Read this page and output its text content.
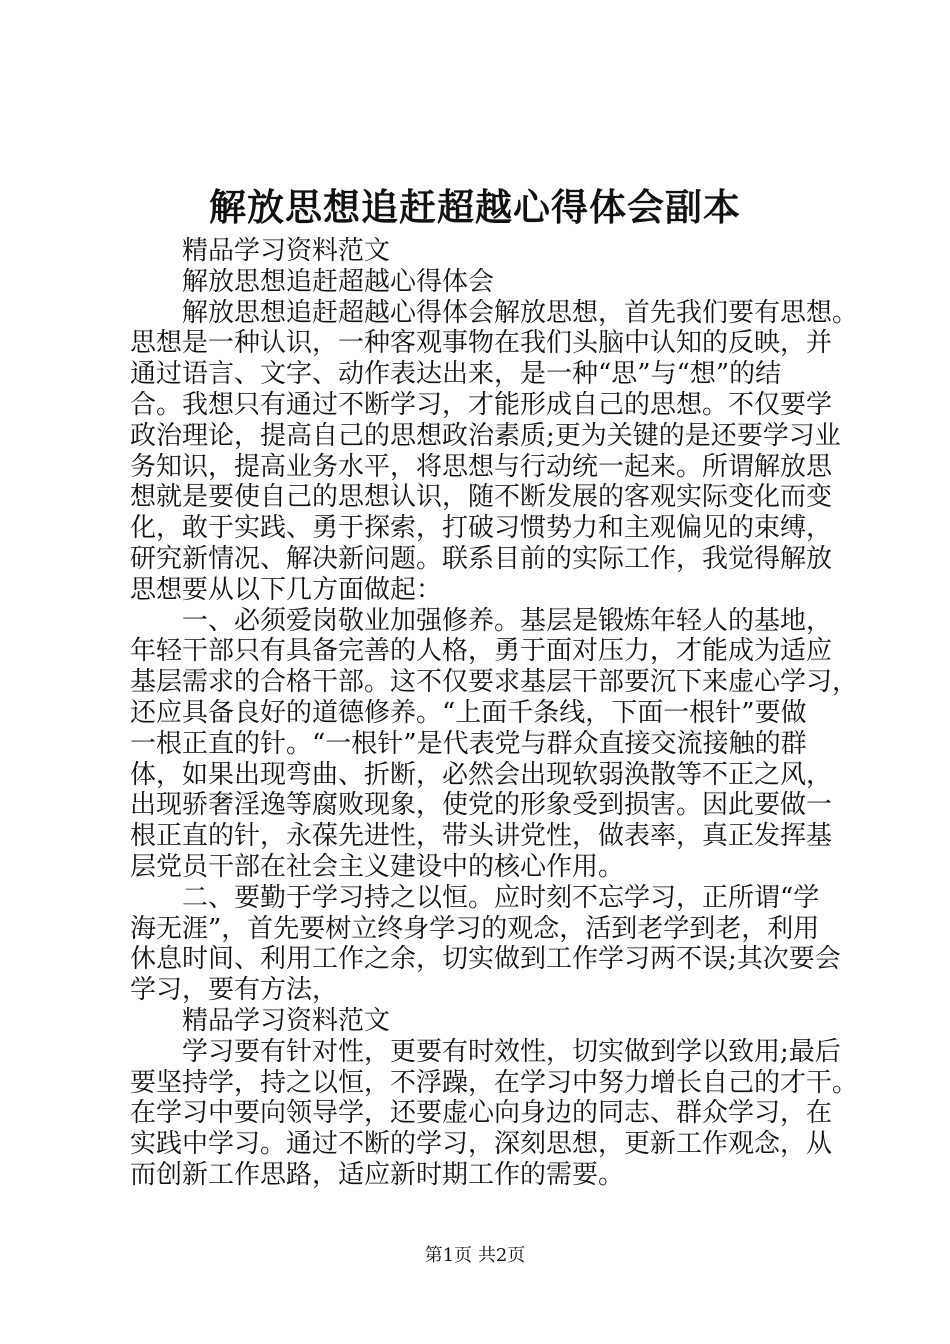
解放思想追赶超越心得体会副本
精品学习资料范文
解放思想追赶超越心得体会
解放思想追赶超越心得体会解放思想，首先我们要有思想。
思想是一种认识，一种客观事物在我们头脑中认知的反映，并
通过语言、文字、动作表达出来，是一种“思”与“想”的结
合。我想只有通过不断学习，才能形成自己的思想。不仅要学
政治理论，提高自己的思想政治素质;更为关键的是还要学习业
务知识，提高业务水平，将思想与行动统一起来。所谓解放思
想就是要使自己的思想认识，随不断发展的客观实际变化而变
化，敢于实践、勇于探索，打破习惯势力和主观偏见的束缚，
研究新情况、解决新问题。联系目前的实际工作，我觉得解放
思想要从以下几方面做起：
一、必须爱岗敬业加强修养。基层是锻炼年轻人的基地，
年轻干部只有具备完善的人格，勇于面对压力，才能成为适应
基层需求的合格干部。这不仅要求基层干部要沉下来虚心学习，
还应具备良好的道德修养。“上面千条线，下面一根针”要做
一根正直的针。“一根针”是代表党与群众直接交流接触的群
体，如果出现弯曲、折断，必然会出现软弱涣散等不正之风，
出现骄奢淫逸等腐败现象，使党的形象受到损害。因此要做一
根正直的针，永葆先进性，带头讲党性，做表率，真正发挥基
层党员干部在社会主义建设中的核心作用。
二、要勤于学习持之以恒。应时刻不忘学习，正所谓“学
海无涯”，首先要树立终身学习的观念，活到老学到老，利用
休息时间、利用工作之余，切实做到工作学习两不误;其次要会
学习，要有方法，
精品学习资料范文
学习要有针对性，更要有时效性，切实做到学以致用;最后
要坚持学，持之以恒，不浮躁，在学习中努力增长自己的才干。
在学习中要向领导学，还要虚心向身边的同志、群众学习，在
实践中学习。通过不断的学习，深刻思想，更新工作观念，从
而创新工作思路，适应新时期工作的需要。
第1页 共2页
